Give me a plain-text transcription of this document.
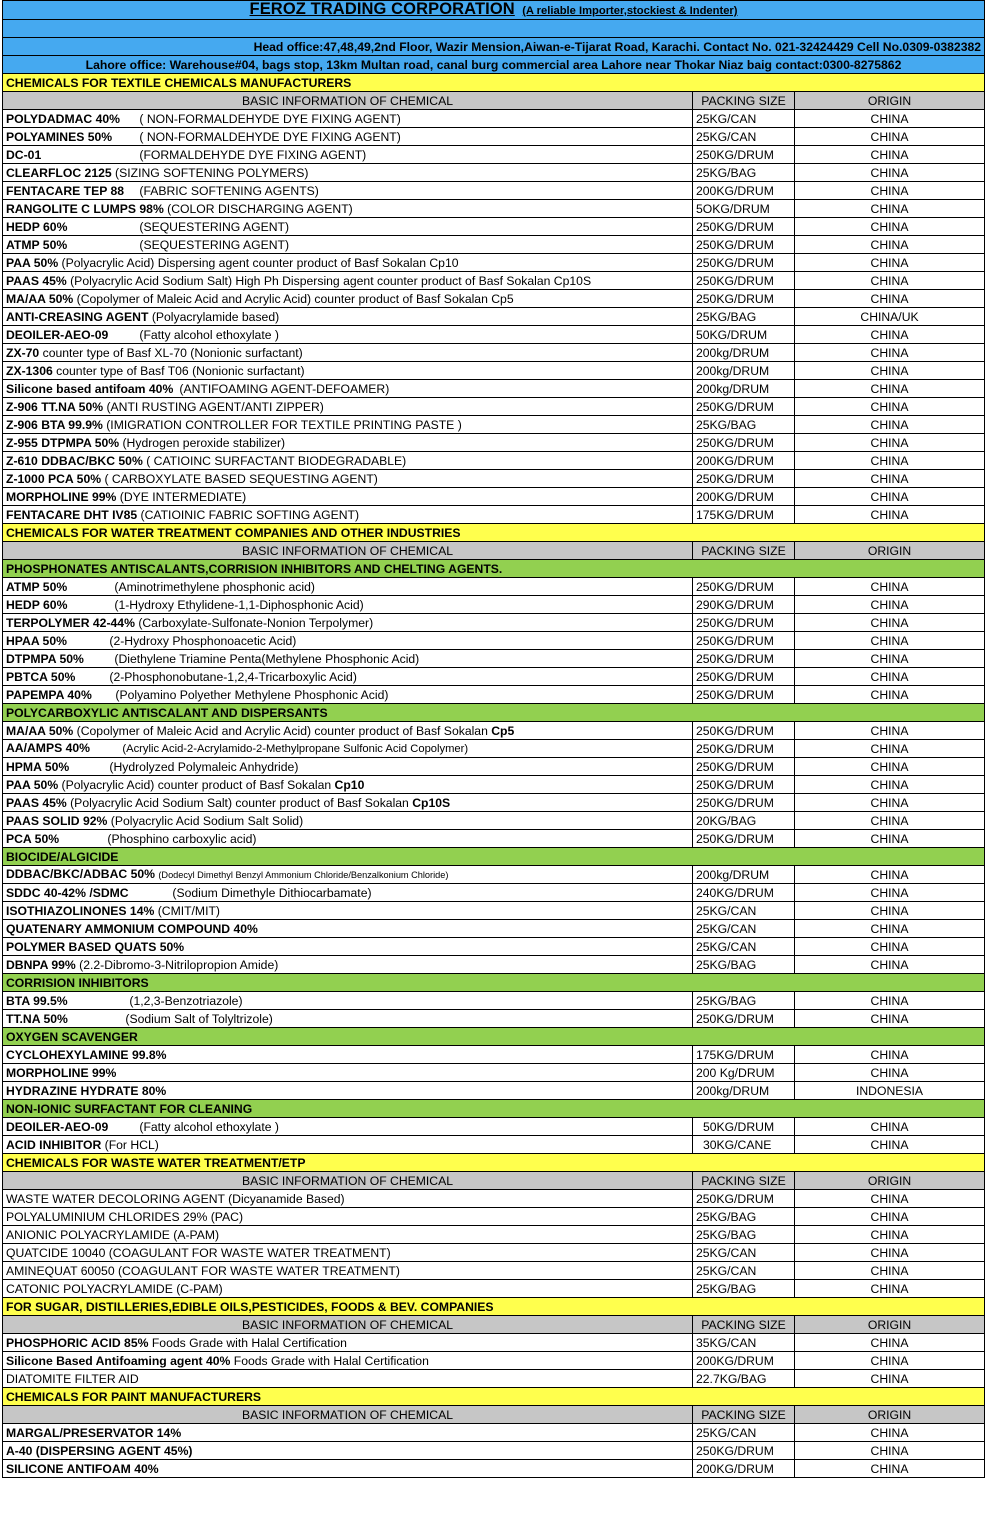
FEROZ TRADING CORPORATION (A reliable Importer,stockiest & Indenter)		

Head office:47,48,49,2nd Floor, Wazir Mension,Aiwan-e-Tijarat Road, Karachi. Contact No. 021-32424429 Cell No.0309-0382382		
Lahore office: Warehouse#04, bags stop, 13km Multan road, canal burg commercial area Lahore near Thokar Niaz baig contact:0300-8275862		
CHEMICALS FOR TEXTILE CHEMICALS MANUFACTURERS		
BASIC INFORMATION OF CHEMICAL	PACKING SIZE	ORIGIN
POLYDADMAC 40% ( NON-FORMALDEHYDE DYE FIXING AGENT)	25KG/CAN	CHINA
POLYAMINES 50% ( NON-FORMALDEHYDE DYE FIXING AGENT)	25KG/CAN	CHINA
DC-01 (FORMALDEHYDE DYE FIXING AGENT)	250KG/DRUM	CHINA
CLEARFLOC 2125 (SIZING SOFTENING POLYMERS)	25KG/BAG	CHINA
FENTACARE TEP 88 (FABRIC SOFTENING AGENTS)	200KG/DRUM	CHINA
RANGOLITE C LUMPS 98% (COLOR DISCHARGING AGENT)	5OKG/DRUM	CHINA
HEDP 60% (SEQUESTERING AGENT)	250KG/DRUM	CHINA
ATMP 50% (SEQUESTERING AGENT)	250KG/DRUM	CHINA
PAA 50% (Polyacrylic Acid) Dispersing agent counter product of Basf Sokalan Cp10	250KG/DRUM	CHINA
PAAS 45% (Polyacrylic Acid Sodium Salt) High Ph Dispersing agent counter product of Basf Sokalan Cp10S	250KG/DRUM	CHINA
MA/AA 50% (Copolymer of Maleic Acid and Acrylic Acid) counter product of Basf Sokalan Cp5	250KG/DRUM	CHINA
ANTI-CREASING AGENT (Polyacrylamide based)	25KG/BAG	CHINA/UK
DEOILER-AEO-09 (Fatty alcohol ethoxylate )	50KG/DRUM	CHINA
ZX-70 counter type of Basf XL-70 (Nonionic surfactant)	200kg/DRUM	CHINA
ZX-1306 counter type of Basf T06 (Nonionic surfactant)	200kg/DRUM	CHINA
Silicone based antifoam 40% (ANTIFOAMING AGENT-DEFOAMER)	200kg/DRUM	CHINA
Z-906 TT.NA 50% (ANTI RUSTING AGENT/ANTI ZIPPER)	250KG/DRUM	CHINA
Z-906 BTA 99.9% (IMIGRATION CONTROLLER FOR TEXTILE PRINTING PASTE )	25KG/BAG	CHINA
Z-955 DTPMPA 50% (Hydrogen peroxide stabilizer)	250KG/DRUM	CHINA
Z-610 DDBAC/BKC 50% ( CATIOINC SURFACTANT BIODEGRADABLE)	200KG/DRUM	CHINA
Z-1000 PCA 50% ( CARBOXYLATE BASED SEQUESTING AGENT)	250KG/DRUM	CHINA
MORPHOLINE 99% (DYE INTERMEDIATE)	200KG/DRUM	CHINA
FENTACARE DHT IV85 (CATIOINIC FABRIC SOFTING AGENT)	175KG/DRUM	CHINA
CHEMICALS FOR WATER TREATMENT COMPANIES AND OTHER INDUSTRIES		
BASIC INFORMATION OF CHEMICAL	PACKING SIZE	ORIGIN
PHOSPHONATES ANTISCALANTS,CORRISION INHIBITORS AND CHELTING AGENTS.		
ATMP 50% (Aminotrimethylene phosphonic acid)	250KG/DRUM	CHINA
HEDP 60% (1-Hydroxy Ethylidene-1,1-Diphosphonic Acid)	290KG/DRUM	CHINA
TERPOLYMER 42-44% (Carboxylate-Sulfonate-Nonion Terpolymer)	250KG/DRUM	CHINA
HPAA 50% (2-Hydroxy Phosphonoacetic Acid)	250KG/DRUM	CHINA
DTPMPA 50% (Diethylene Triamine Penta(Methylene Phosphonic Acid)	250KG/DRUM	CHINA
PBTCA 50% (2-Phosphonobutane-1,2,4-Tricarboxylic Acid)	250KG/DRUM	CHINA
PAPEMPA 40% (Polyamino Polyether Methylene Phosphonic Acid)	250KG/DRUM	CHINA
POLYCARBOXYLIC ANTISCALANT AND DISPERSANTS		
MA/AA 50% (Copolymer of Maleic Acid and Acrylic Acid) counter product of Basf Sokalan Cp5	250KG/DRUM	CHINA
AA/AMPS 40% (Acrylic Acid-2-Acrylamido-2-Methylpropane Sulfonic Acid Copolymer)	250KG/DRUM	CHINA
HPMA 50% (Hydrolyzed Polymaleic Anhydride)	250KG/DRUM	CHINA
PAA 50% (Polyacrylic Acid) counter product of Basf Sokalan Cp10	250KG/DRUM	CHINA
PAAS 45% (Polyacrylic Acid Sodium Salt) counter product of Basf Sokalan Cp10S	250KG/DRUM	CHINA
PAAS SOLID 92% (Polyacrylic Acid Sodium Salt Solid)	20KG/BAG	CHINA
PCA 50% (Phosphino carboxylic acid)	250KG/DRUM	CHINA
BIOCIDE/ALGICIDE		
DDBAC/BKC/ADBAC 50% (Dodecyl Dimethyl Benzyl Ammonium Chloride/Benzalkonium Chloride)	200kg/DRUM	CHINA
SDDC 40-42% /SDMC (Sodium Dimethyle Dithiocarbamate)	240KG/DRUM	CHINA
ISOTHIAZOLINONES 14% (CMIT/MIT)	25KG/CAN	CHINA
QUATENARY AMMONIUM COMPOUND 40%	25KG/CAN	CHINA
POLYMER BASED QUATS 50%	25KG/CAN	CHINA
DBNPA 99% (2.2-Dibromo-3-Nitrilopropion Amide)	25KG/BAG	CHINA
CORRISION INHIBITORS		
BTA 99.5% (1,2,3-Benzotriazole)	25KG/BAG	CHINA
TT.NA 50% (Sodium Salt of Tolyltrizole)	250KG/DRUM	CHINA
OXYGEN SCAVENGER		
CYCLOHEXYLAMINE 99.8%	175KG/DRUM	CHINA
MORPHOLINE 99%	200 Kg/DRUM	CHINA
HYDRAZINE HYDRATE 80%	200kg/DRUM	INDONESIA
NON-IONIC SURFACTANT FOR CLEANING		
DEOILER-AEO-09 (Fatty alcohol ethoxylate )	50KG/DRUM	CHINA
ACID INHIBITOR (For HCL)	30KG/CANE	CHINA
CHEMICALS FOR WASTE WATER TREATMENT/ETP		
BASIC INFORMATION OF CHEMICAL	PACKING SIZE	ORIGIN
WASTE WATER DECOLORING AGENT (Dicyanamide Based)	250KG/DRUM	CHINA
POLYALUMINIUM CHLORIDES 29% (PAC)	25KG/BAG	CHINA
ANIONIC POLYACRYLAMIDE (A-PAM)	25KG/BAG	CHINA
QUATCIDE 10040 (COAGULANT FOR WASTE WATER TREATMENT)	25KG/CAN	CHINA
AMINEQUAT 60050 (COAGULANT FOR WASTE WATER TREATMENT)	25KG/CAN	CHINA
CATONIC POLYACRYLAMIDE (C-PAM)	25KG/BAG	CHINA
FOR SUGAR, DISTILLERIES,EDIBLE OILS,PESTICIDES, FOODS & BEV. COMPANIES		
BASIC INFORMATION OF CHEMICAL	PACKING SIZE	ORIGIN
PHOSPHORIC ACID 85% Foods Grade with Halal Certification	35KG/CAN	CHINA
Silicone Based Antifoaming agent 40% Foods Grade with Halal Certification	200KG/DRUM	CHINA
DIATOMITE FILTER AID	22.7KG/BAG	CHINA
CHEMICALS FOR PAINT MANUFACTURERS		
BASIC INFORMATION OF CHEMICAL	PACKING SIZE	ORIGIN
MARGAL/PRESERVATOR 14%	25KG/CAN	CHINA
A-40 (DISPERSING AGENT 45%)	250KG/DRUM	CHINA
SILICONE ANTIFOAM 40%	200KG/DRUM	CHINA
